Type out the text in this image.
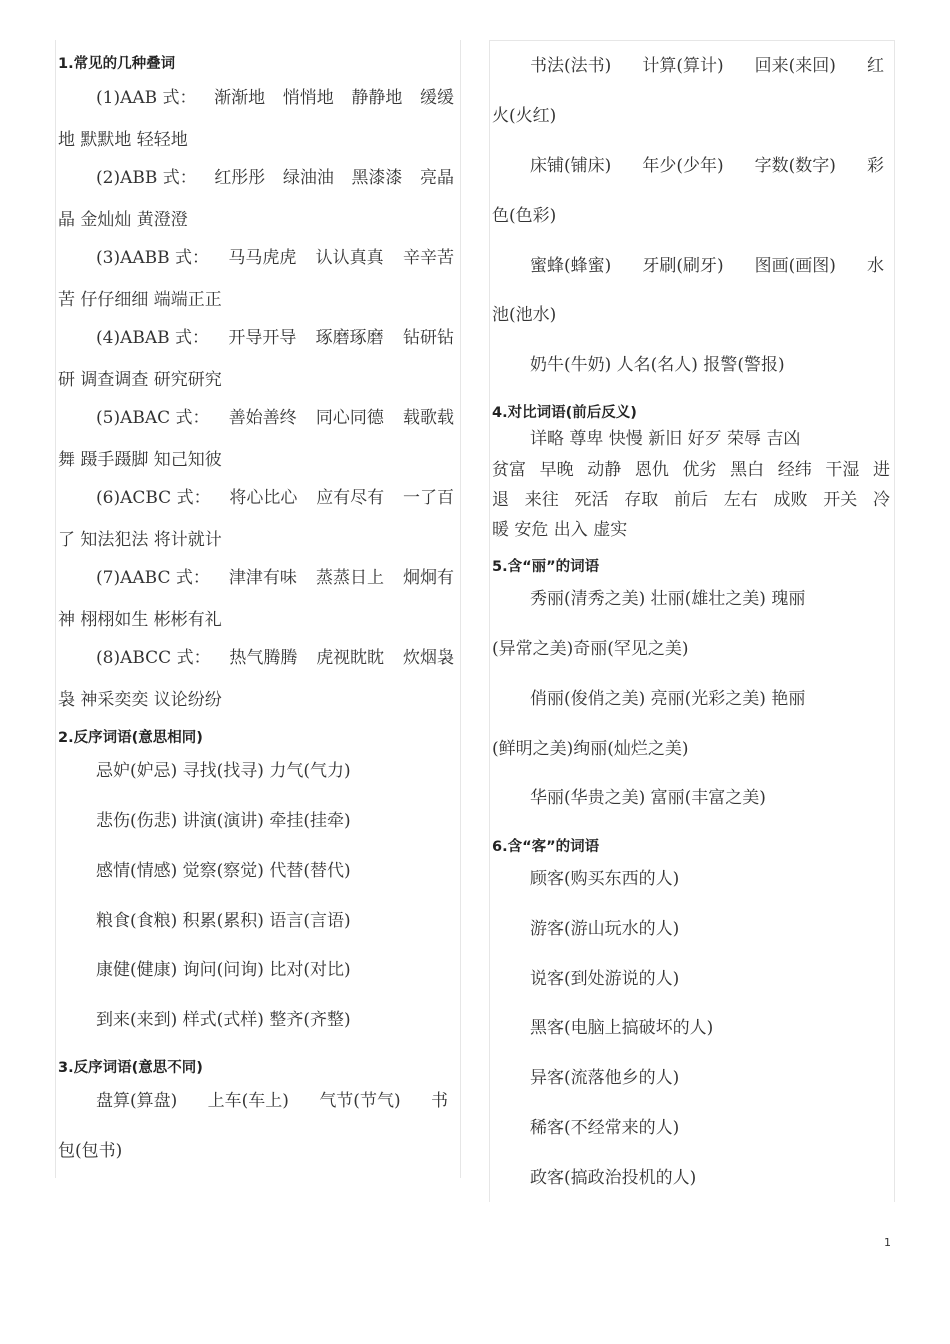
1.常见的几种叠词
(1)AAB 式： 渐渐地 悄悄地 静静地 缓缓
地 默默地 轻轻地
(2)ABB 式： 红彤彤 绿油油 黑漆漆 亮晶
晶 金灿灿 黄澄澄
(3)AABB 式： 马马虎虎 认认真真 辛辛苦
苦 仔仔细细 端端正正
(4)ABAB 式： 开导开导 琢磨琢磨 钻研钻
研 调查调查 研究研究
(5)ABAC 式： 善始善终 同心同德 载歌载
舞 蹑手蹑脚 知己知彼
(6)ACBC 式： 将心比心 应有尽有 一了百
了 知法犯法 将计就计
(7)AABC 式： 津津有味 蒸蒸日上 炯炯有
神 栩栩如生 彬彬有礼
(8)ABCC 式： 热气腾腾 虎视眈眈 炊烟袅
袅 神采奕奕 议论纷纷
2.反序词语(意思相同)
忌妒(妒忌) 寻找(找寻) 力气(气力)
悲伤(伤悲) 讲演(演讲) 牵挂(挂牵)
感情(情感) 觉察(察觉) 代替(替代)
粮食(食粮) 积累(累积) 语言(言语)
康健(健康) 询问(问询) 比对(对比)
到来(来到) 样式(式样) 整齐(齐整)
3.反序词语(意思不同)
盘算(算盘) 上车(车上) 气节(节气) 书
包(包书)
书法(法书) 计算(算计) 回来(来回) 红
火(火红)
床铺(铺床) 年少(少年) 字数(数字) 彩
色(色彩)
蜜蜂(蜂蜜) 牙刷(刷牙) 图画(画图) 水
池(池水)
奶牛(牛奶) 人名(名人) 报警(警报)
4.对比词语(前后反义)
详略 尊卑 快慢 新旧 好歹 荣辱 吉凶
贫富 早晚 动静 恩仇 优劣 黑白 经纬 干湿 进
退 来往 死活 存取 前后 左右 成败 开关 冷
暖 安危 出入 虚实
5.含“丽”的词语
秀丽(清秀之美) 壮丽(雄壮之美) 瑰丽
(异常之美)奇丽(罕见之美)
俏丽(俊俏之美) 亮丽(光彩之美) 艳丽
(鲜明之美)绚丽(灿烂之美)
华丽(华贵之美) 富丽(丰富之美)
6.含“客”的词语
顾客(购买东西的人)
游客(游山玩水的人)
说客(到处游说的人)
黑客(电脑上搞破坏的人)
异客(流落他乡的人)
稀客(不经常来的人)
政客(搞政治投机的人)
1
